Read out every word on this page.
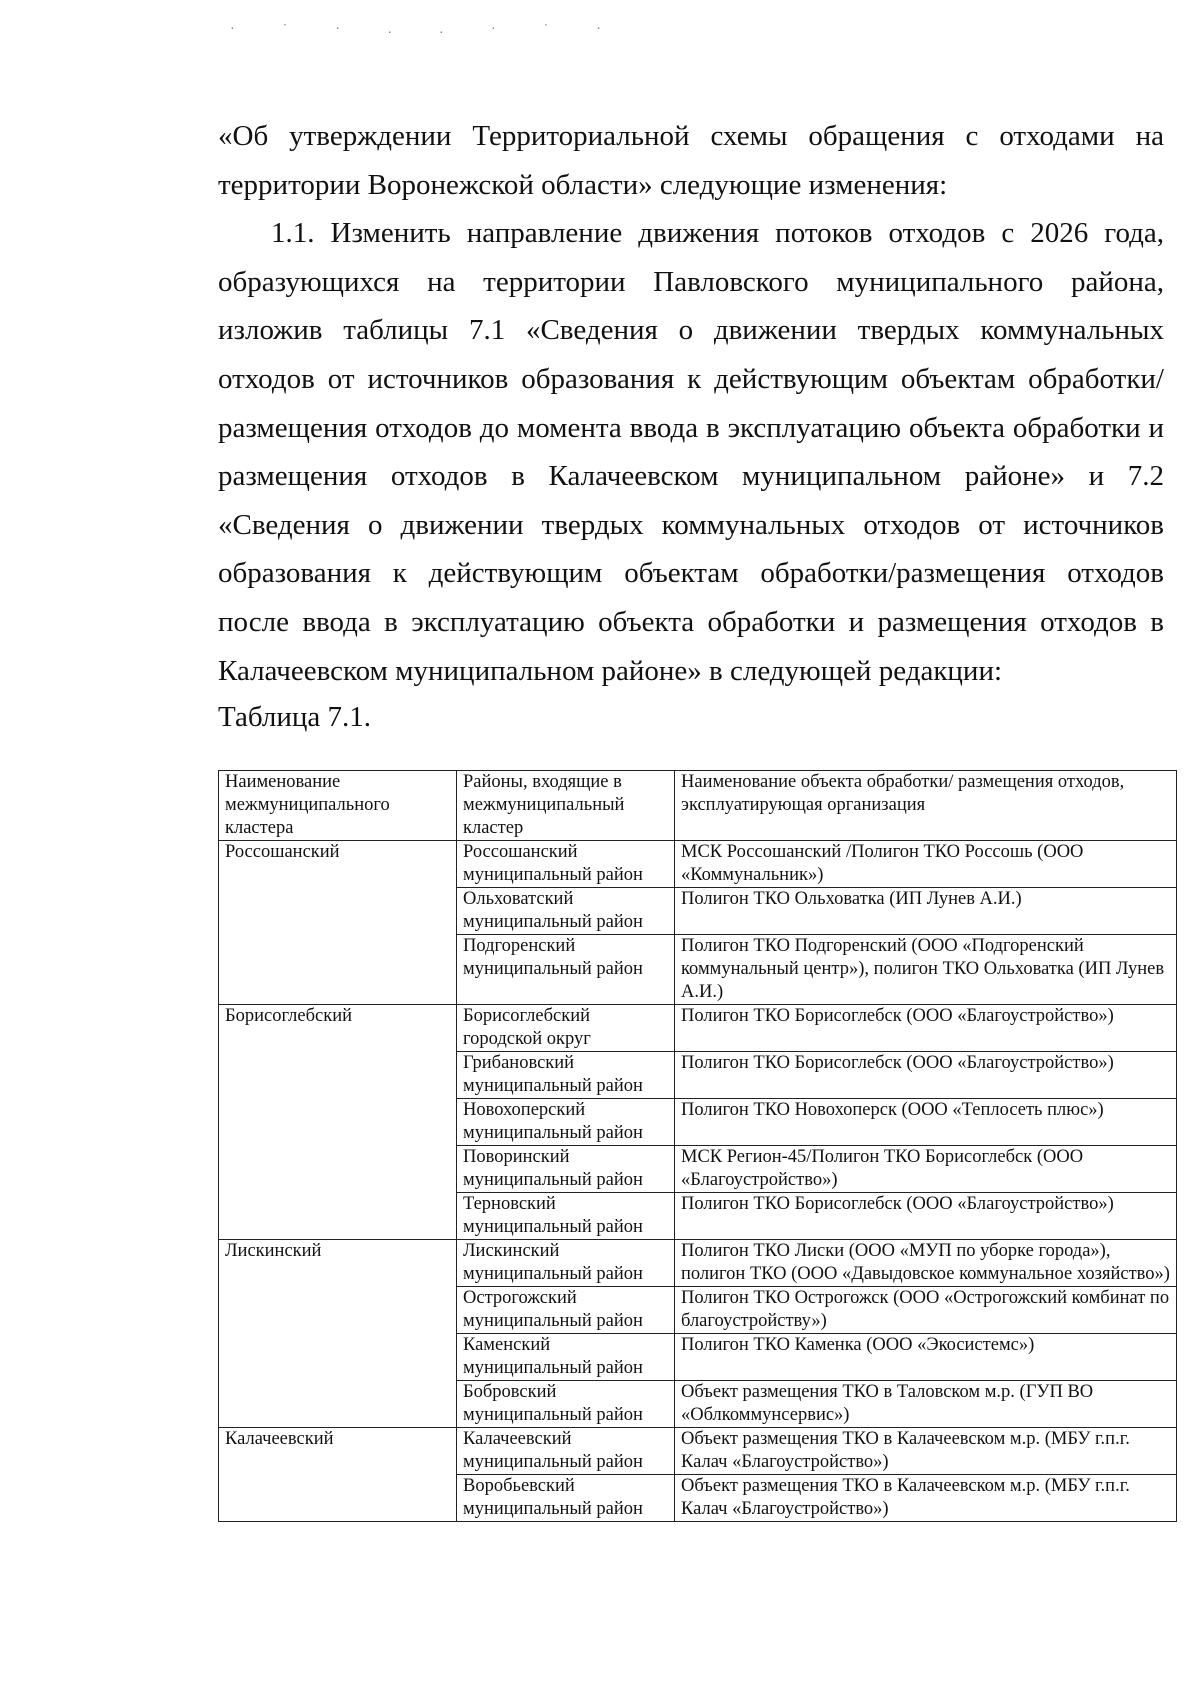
·˙·..·˙·

«Об утверждении Территориальной схемы обращения с отходами на территории Воронежской области» следующие изменения:

1.1. Изменить направление движения потоков отходов с 2026 года, образующихся на территории Павловского муниципального района, изложив таблицы 7.1 «Сведения о движении твердых коммунальных отходов от источников образования к действующим объектам обработки/размещения отходов до момента ввода в эксплуатацию объекта обработки и размещения отходов в Калачеевском муниципальном районе» и 7.2 «Сведения о движении твердых коммунальных отходов от источников образования к действующим объектам обработки/размещения отходов после ввода в эксплуатацию объекта обработки и размещения отходов в Калачеевском муниципальном районе» в следующей редакции:

Таблица 7.1.
Наименование межмуниципального кластера	Районы, входящие в межмуниципальный кластер	Наименование объекта обработки/ размещения отходов, эксплуатирующая организация
Россошанский	Россошанский муниципальный район	МСК Россошанский /Полигон ТКО Россошь (ООО «Коммунальник»)
	Ольховатский муниципальный район	Полигон ТКО Ольховатка (ИП Лунев А.И.)
	Подгоренский муниципальный район	Полигон ТКО Подгоренский (ООО «Подгоренский коммунальный центр»), полигон ТКО Ольховатка (ИП Лунев А.И.)
Борисоглебский	Борисоглебский городской округ	Полигон ТКО Борисоглебск (ООО «Благоустройство»)
	Грибановский муниципальный район	Полигон ТКО Борисоглебск (ООО «Благоустройство»)
	Новохоперский муниципальный район	Полигон ТКО Новохоперск (ООО «Теплосеть плюс»)
	Поворинский муниципальный район	МСК Регион-45/Полигон ТКО Борисоглебск (ООО «Благоустройство»)
	Терновский муниципальный район	Полигон ТКО Борисоглебск (ООО «Благоустройство»)
Лискинский	Лискинский муниципальный район	Полигон ТКО Лиски (ООО «МУП по уборке города»), полигон ТКО (ООО «Давыдовское коммунальное хозяйство»)
	Острогожский муниципальный район	Полигон ТКО Острогожск (ООО «Острогожский комбинат по благоустройству»)
	Каменский муниципальный район	Полигон ТКО Каменка (ООО «Экосистемс»)
	Бобровский муниципальный район	Объект размещения ТКО в Таловском м.р. (ГУП ВО «Облкоммунсервис»)
Калачеевский	Калачеевский муниципальный район	Объект размещения ТКО в Калачеевском м.р. (МБУ г.п.г. Калач «Благоустройство»)
	Воробьевский муниципальный район	Объект размещения ТКО в Калачеевском м.р. (МБУ г.п.г. Калач «Благоустройство»)
